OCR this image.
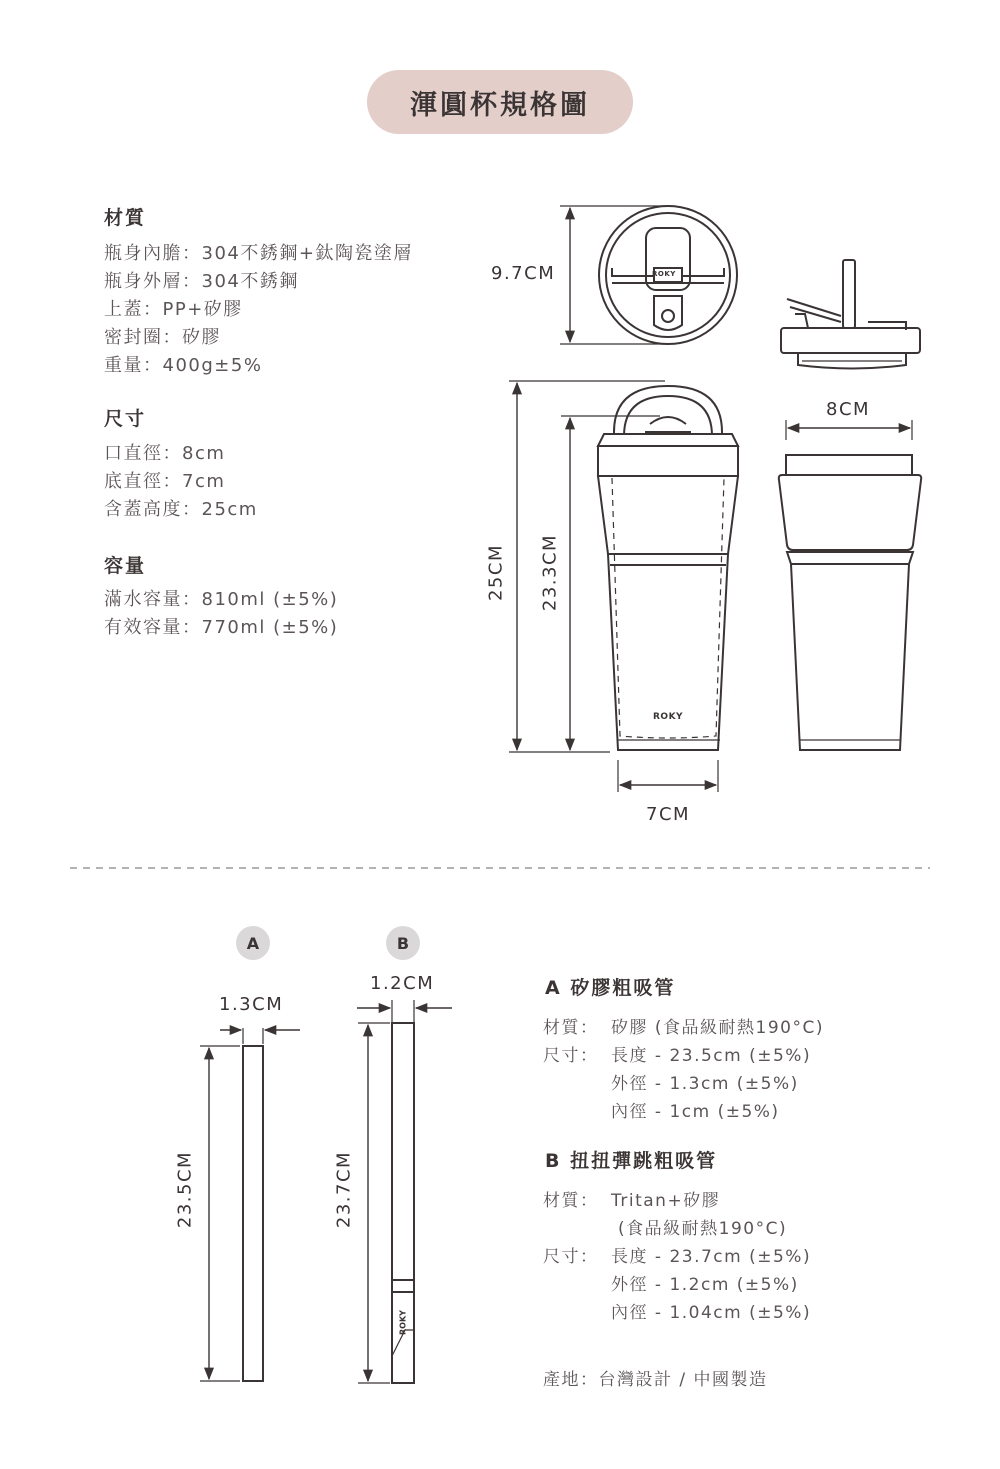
渾圓杯規格圖
材質
瓶身內膽：304不銹鋼+鈦陶瓷塗層
瓶身外層：304不銹鋼
上蓋：PP+矽膠
密封圈：矽膠
重量：400g±5%
尺寸
口直徑：8cm
底直徑：7cm
含蓋高度：25cm
容量
滿水容量：810ml (±5%)
有效容量：770ml (±5%)
ROKY
ROKY
ROKY
9.7CM
25CM 23.3CM
8CM
7CM
A	B
1.3CM
1.2CM
23.5CM	23.7CM
A 矽膠粗吸管
材質： 矽膠 (食品級耐熱190°C)
尺寸： 長度 - 23.5cm (±5%)
外徑 - 1.3cm (±5%)
內徑 - 1cm (±5%)
B 扭扭彈跳粗吸管
材質： Tritan+矽膠
(食品級耐熱190°C)
尺寸： 長度 - 23.7cm (±5%)
外徑 - 1.2cm (±5%)
內徑 - 1.04cm (±5%)
產地：台灣設計 / 中國製造
